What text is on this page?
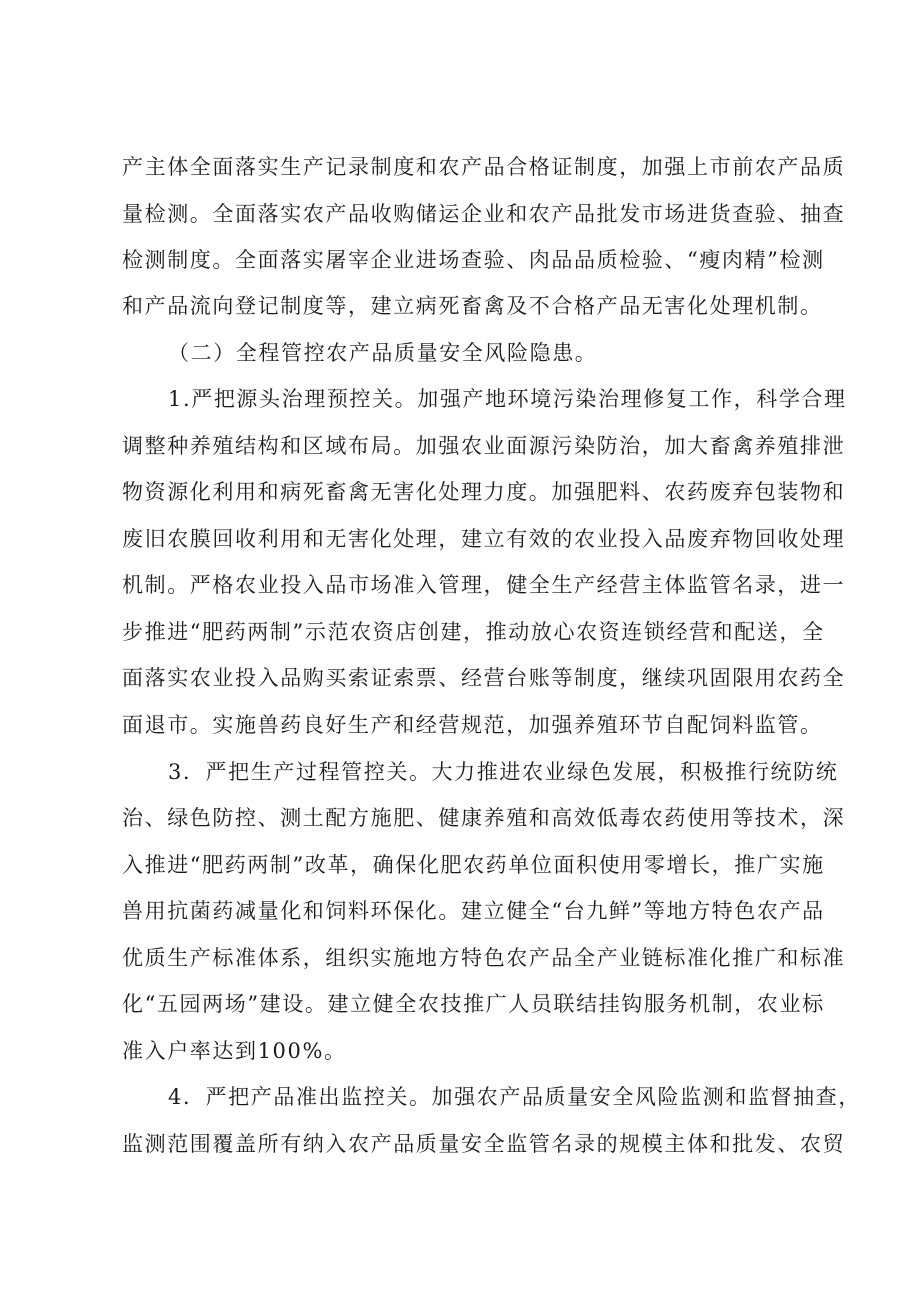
产主体全面落实生产记录制度和农产品合格证制度，加强上市前农产品质
量检测。全面落实农产品收购储运企业和农产品批发市场进货查验、抽查
检测制度。全面落实屠宰企业进场查验、肉品品质检验、“瘦肉精”检测
和产品流向登记制度等，建立病死畜禽及不合格产品无害化处理机制。
（二）全程管控农产品质量安全风险隐患。
1.严把源头治理预控关。加强产地环境污染治理修复工作，科学合理
调整种养殖结构和区域布局。加强农业面源污染防治，加大畜禽养殖排泄
物资源化利用和病死畜禽无害化处理力度。加强肥料、农药废弃包装物和
废旧农膜回收利用和无害化处理，建立有效的农业投入品废弃物回收处理
机制。严格农业投入品市场准入管理，健全生产经营主体监管名录，进一
步推进“肥药两制”示范农资店创建，推动放心农资连锁经营和配送，全
面落实农业投入品购买索证索票、经营台账等制度，继续巩固限用农药全
面退市。实施兽药良好生产和经营规范，加强养殖环节自配饲料监管。
3．严把生产过程管控关。大力推进农业绿色发展，积极推行统防统
治、绿色防控、测土配方施肥、健康养殖和高效低毒农药使用等技术，深
入推进“肥药两制”改革，确保化肥农药单位面积使用零增长，推广实施
兽用抗菌药减量化和饲料环保化。建立健全“台九鲜”等地方特色农产品
优质生产标准体系，组织实施地方特色农产品全产业链标准化推广和标准
化“五园两场”建设。建立健全农技推广人员联结挂钩服务机制，农业标
准入户率达到100%。
4．严把产品准出监控关。加强农产品质量安全风险监测和监督抽查，
监测范围覆盖所有纳入农产品质量安全监管名录的规模主体和批发、农贸
